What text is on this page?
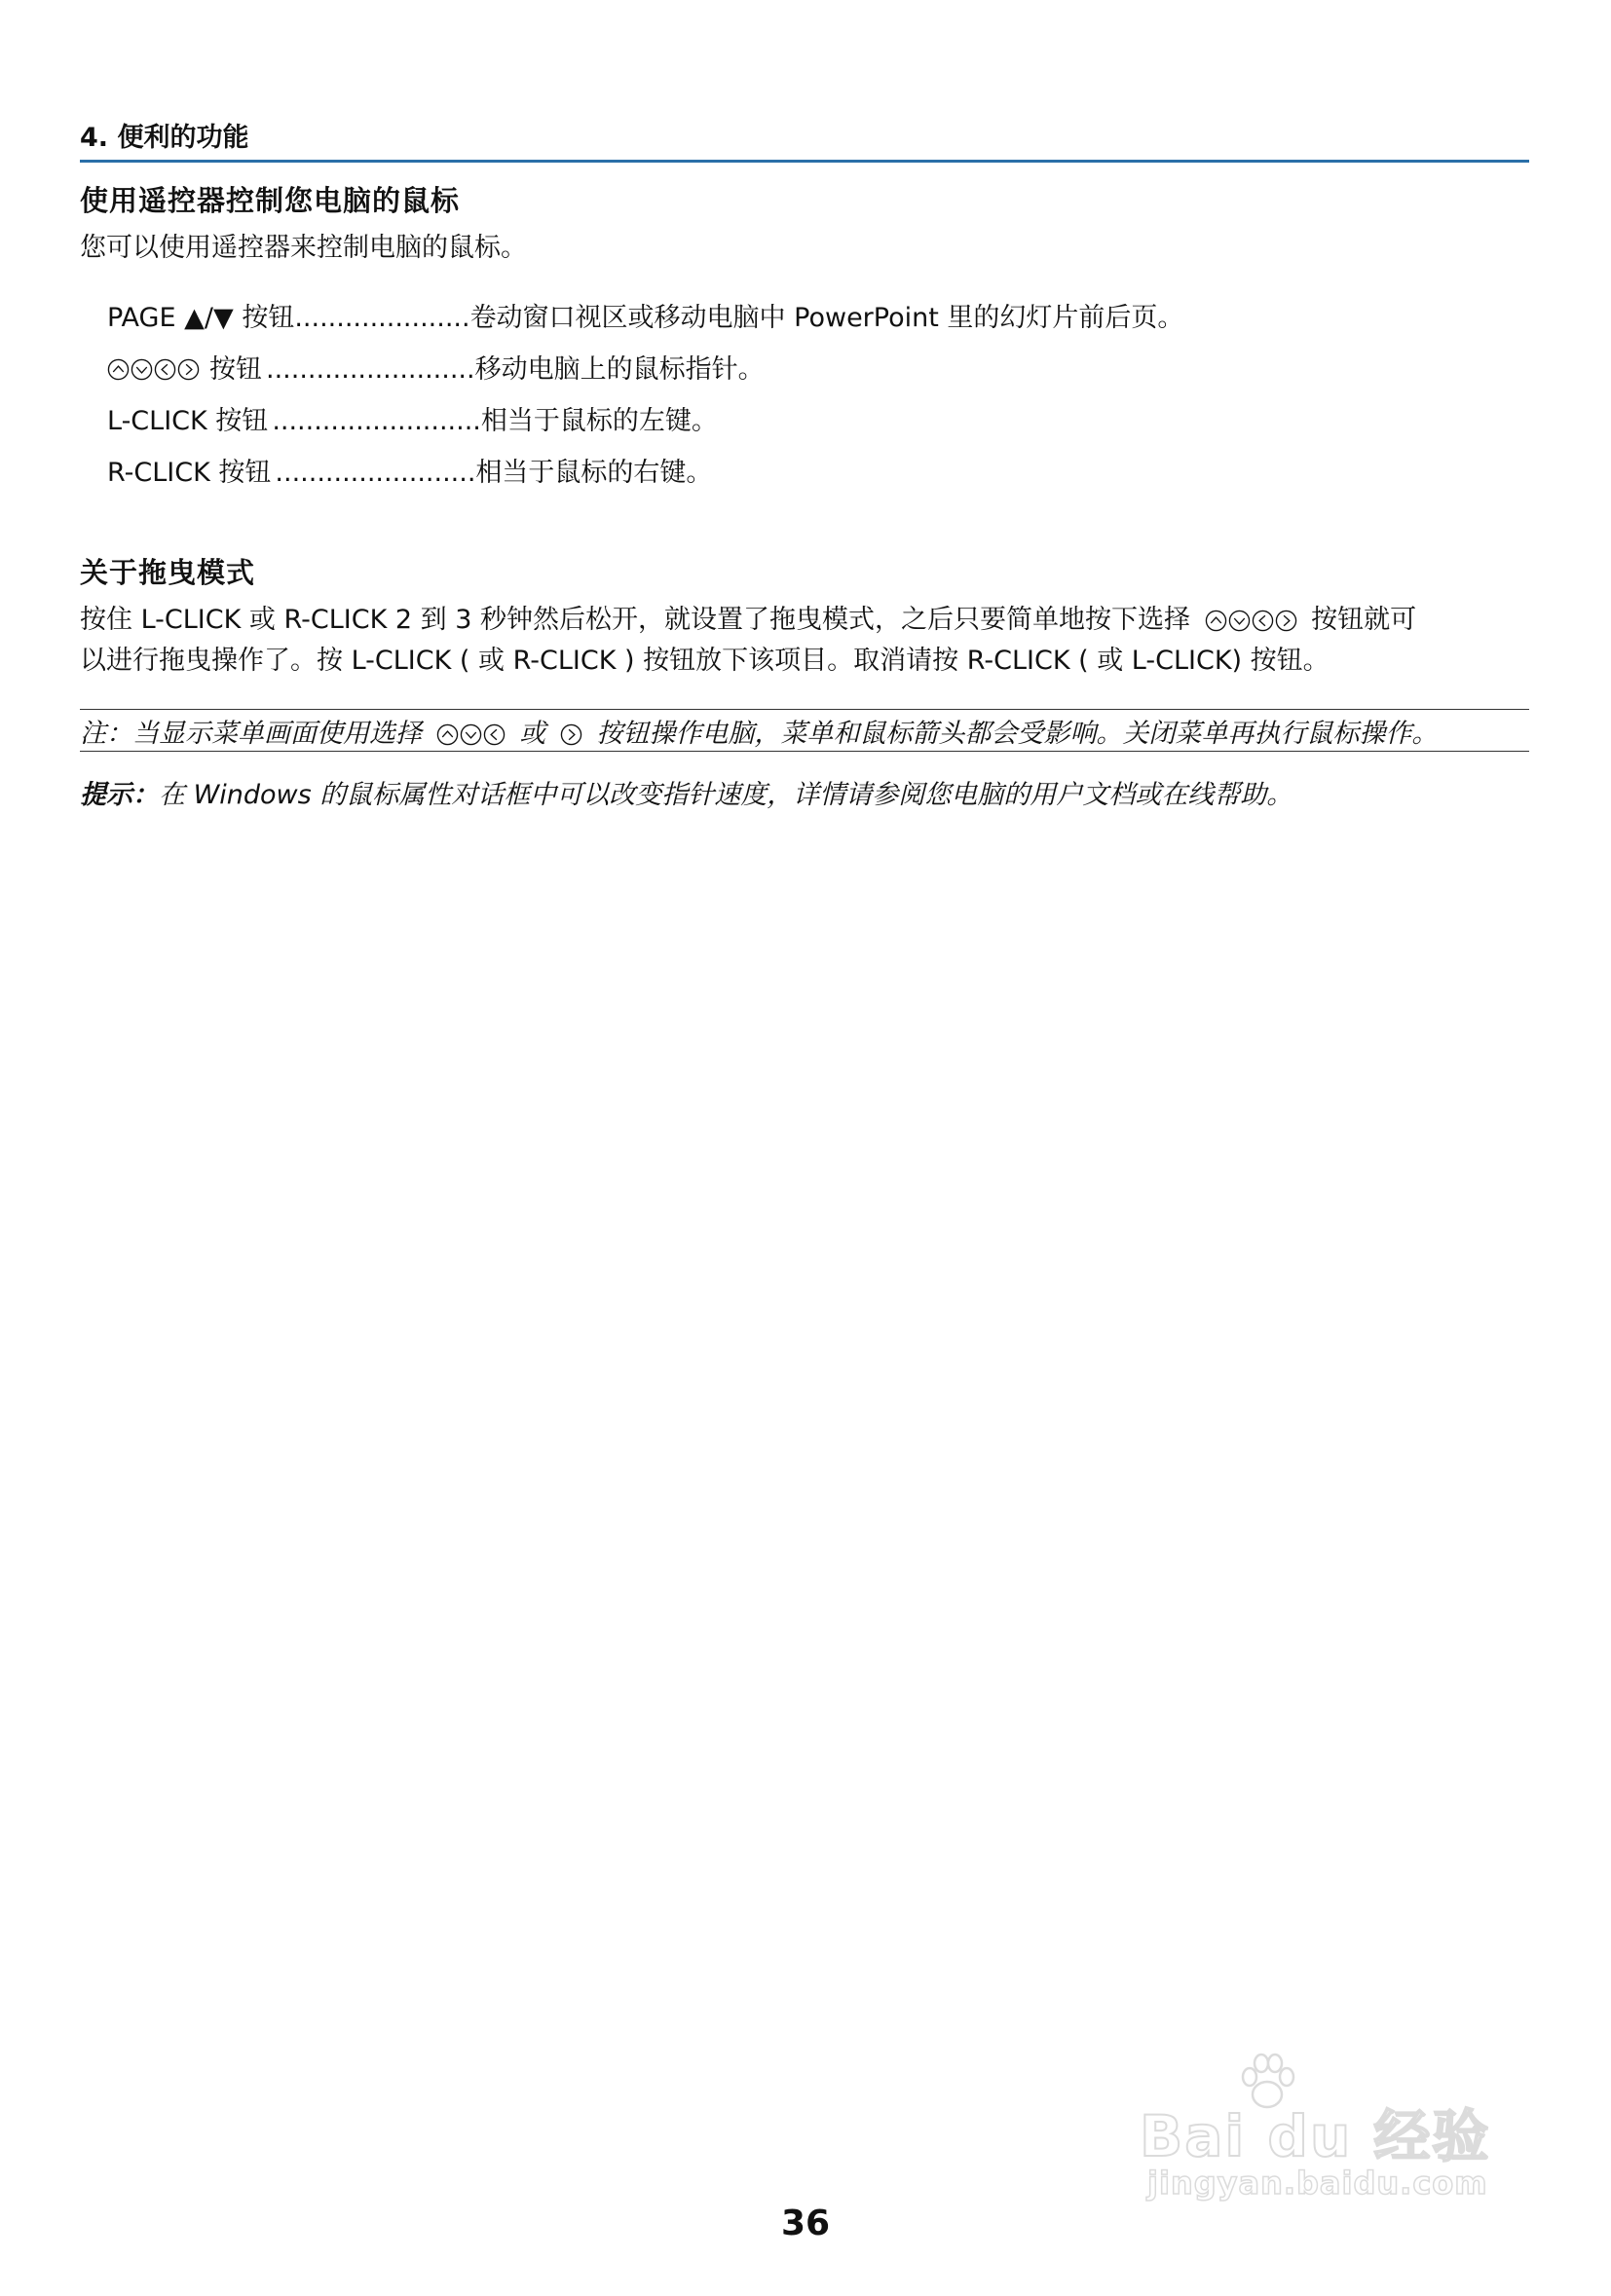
4. 便利的功能
使用遥控器控制您电脑的鼠标
您可以使用遥控器来控制电脑的鼠标。
PAGE ▲/▼ 按钮 ..................... 卷动窗口视区或移动电脑中 PowerPoint 里的幻灯片前后页。
按钮 ......................... 移动电脑上的鼠标指针。
L-CLICK 按钮 ......................... 相当于鼠标的左键。
R-CLICK 按钮 ........................ 相当于鼠标的右键。
关于拖曳模式
按住 L-CLICK 或 R-CLICK 2 到 3 秒钟然后松开，就设置了拖曳模式，之后只要简单地按下选择	按钮就可
以进行拖曳操作了。按 L-CLICK ( 或 R-CLICK ) 按钮放下该项目。取消请按 R-CLICK ( 或 L-CLICK) 按钮。
注：当显示菜单画面使用选择	或 按钮操作电脑，菜单和鼠标箭头都会受影响。关闭菜单再执行鼠标操作。
提示：在 Windows 的鼠标属性对话框中可以改变指针速度，详情请参阅您电脑的用户文档或在线帮助。
36
Bai du 经验
jingyan.baidu.com
